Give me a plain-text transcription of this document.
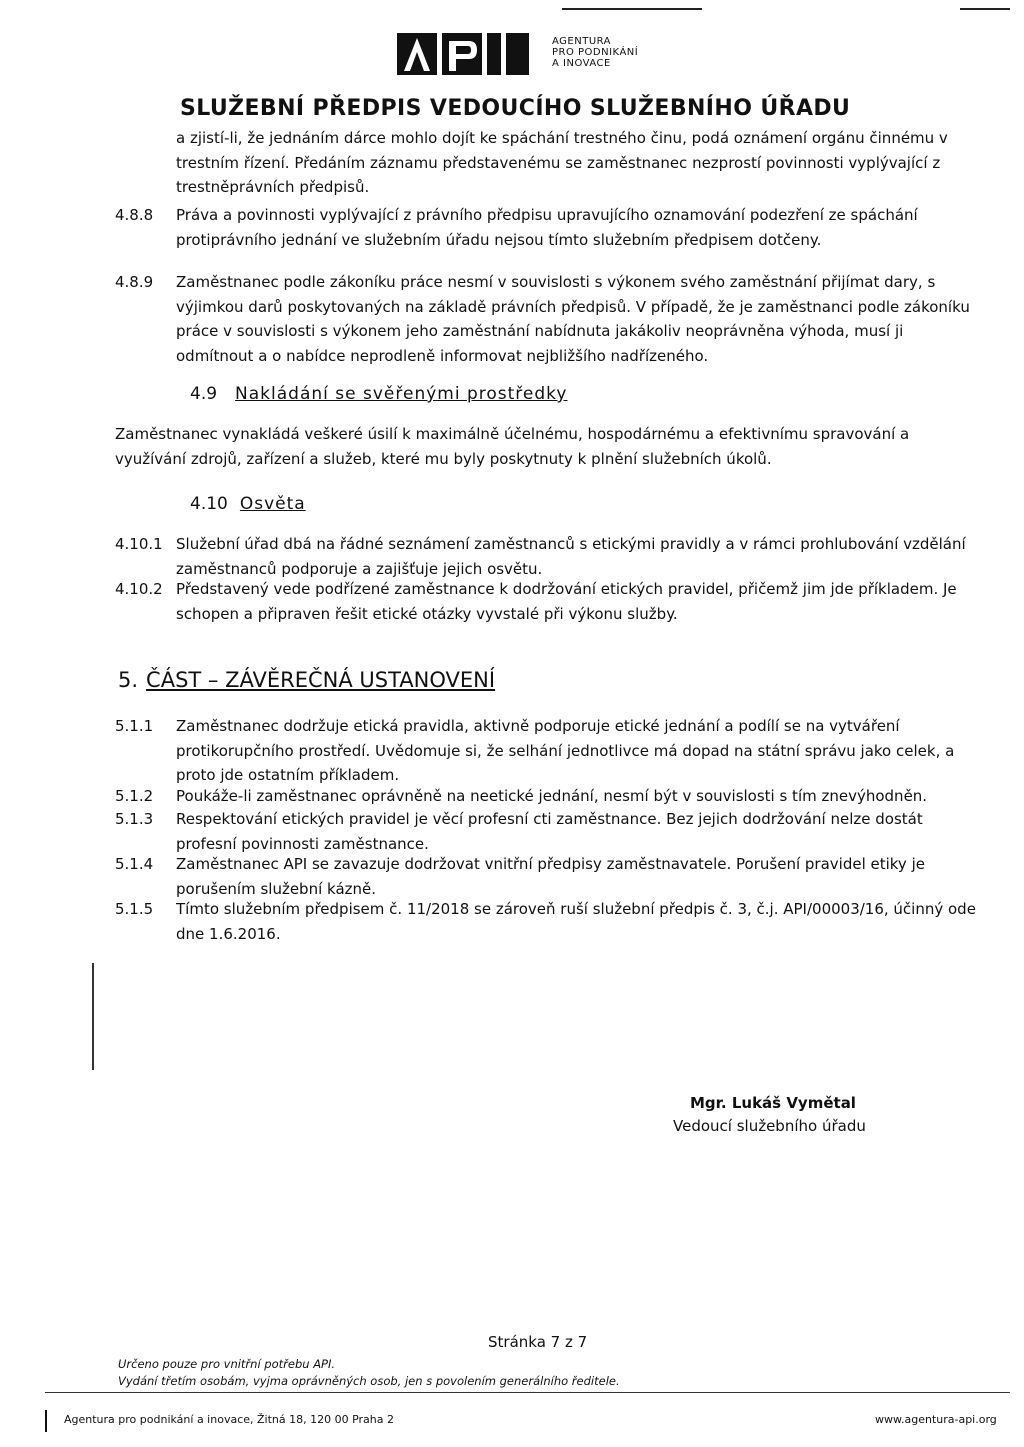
AGENTURA
PRO PODNIKÁNÍ
A INOVACE
SLUŽEBNÍ PŘEDPIS VEDOUCÍHO SLUŽEBNÍHO ÚŘADU
a zjistí-li, že jednáním dárce mohlo dojít ke spáchání trestného činu, podá oznámení orgánu činnému v trestním řízení. Předáním záznamu představenému se zaměstnanec nezprostí povinnosti vyplývající z trestněprávních předpisů.
4.8.8 Práva a povinnosti vyplývající z právního předpisu upravujícího oznamování podezření ze spáchání protiprávního jednání ve služebním úřadu nejsou tímto služebním předpisem dotčeny.
4.8.9 Zaměstnanec podle zákoníku práce nesmí v souvislosti s výkonem svého zaměstnání přijímat dary, s výjimkou darů poskytovaných na základě právních předpisů. V případě, že je zaměstnanci podle zákoníku práce v souvislosti s výkonem jeho zaměstnání nabídnuta jakákoliv neoprávněna výhoda, musí ji odmítnout a o nabídce neprodleně informovat nejbližšího nadřízeného.
4.9 Nakládání se svěřenými prostředky
Zaměstnanec vynakládá veškeré úsilí k maximálně účelnému, hospodárnému a efektivnímu spravování a využívání zdrojů, zařízení a služeb, které mu byly poskytnuty k plnění služebních úkolů.
4.10 Osvěta
4.10.1 Služební úřad dbá na řádné seznámení zaměstnanců s etickými pravidly a v rámci prohlubování vzdělání zaměstnanců podporuje a zajišťuje jejich osvětu.
4.10.2 Představený vede podřízené zaměstnance k dodržování etických pravidel, přičemž jim jde příkladem. Je schopen a připraven řešit etické otázky vyvstalé při výkonu služby.
5. ČÁST – ZÁVĚREČNÁ USTANOVENÍ
5.1.1 Zaměstnanec dodržuje etická pravidla, aktivně podporuje etické jednání a podílí se na vytváření protikorupčního prostředí. Uvědomuje si, že selhání jednotlivce má dopad na státní správu jako celek, a proto jde ostatním příkladem.
5.1.2 Poukáže-li zaměstnanec oprávněně na neetické jednání, nesmí být v souvislosti s tím znevýhodněn.
5.1.3 Respektování etických pravidel je věcí profesní cti zaměstnance. Bez jejich dodržování nelze dostát profesní povinnosti zaměstnance.
5.1.4 Zaměstnanec API se zavazuje dodržovat vnitřní předpisy zaměstnavatele. Porušení pravidel etiky je porušením služební kázně.
5.1.5 Tímto služebním předpisem č. 11/2018 se zároveň ruší služební předpis č. 3, č.j. API/00003/16, účinný ode dne 1.6.2016.
Mgr. Lukáš Vymětal
Vedoucí služebního úřadu
Stránka 7 z 7
Určeno pouze pro vnitřní potřebu API.
Vydání třetím osobám, vyjma oprávněných osob, jen s povolením generálního ředitele.
Agentura pro podnikání a inovace, Žitná 18, 120 00 Praha 2	www.agentura-api.org
